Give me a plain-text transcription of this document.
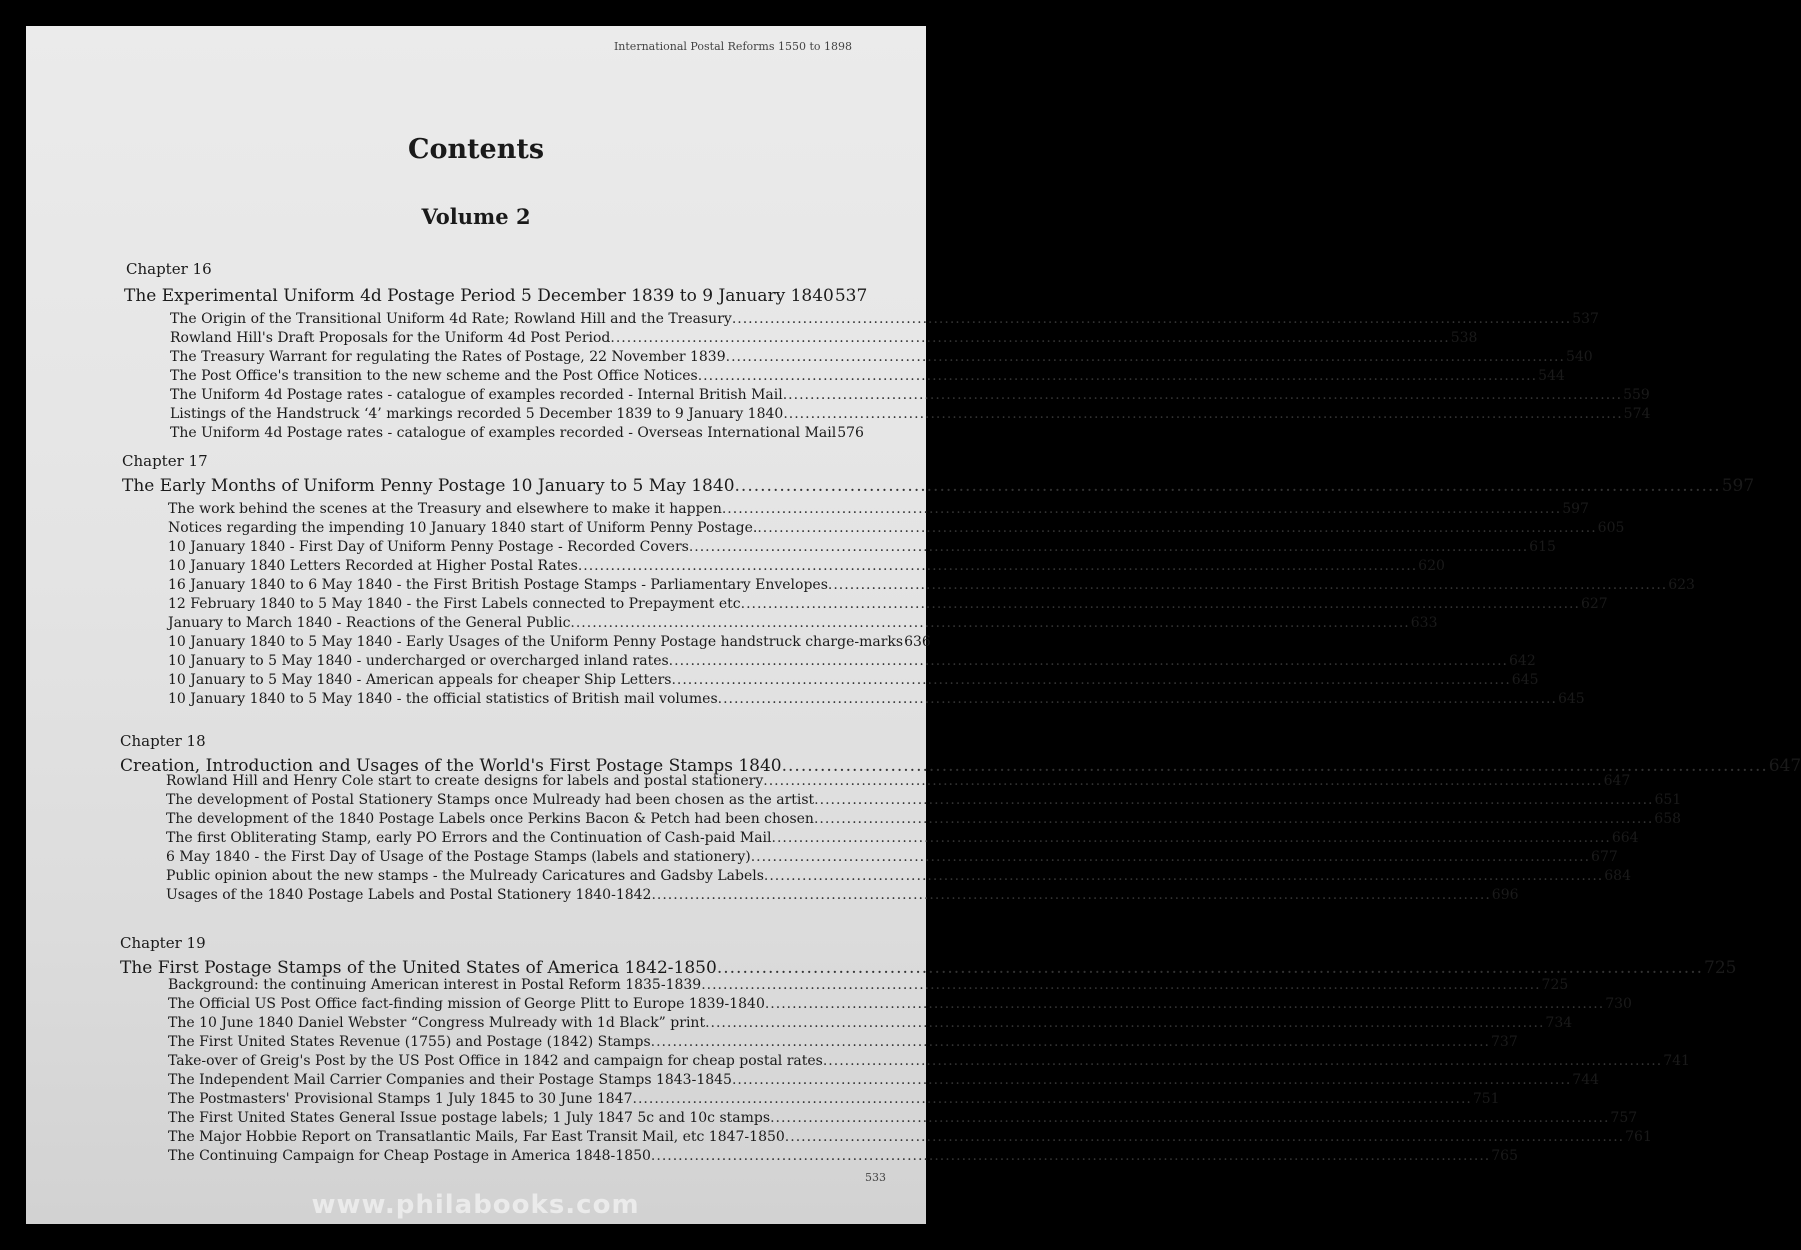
International Postal Reforms 1550 to 1898
Contents
Volume 2
Chapter 16
The Experimental Uniform 4d Postage Period 5 December 1839 to 9 January 1840 537
The Origin of the Transitional Uniform 4d Rate; Rowland Hill and the Treasury .....	537
Rowland Hill's Draft Proposals for the Uniform 4d Post Period .....	538
The Treasury Warrant for regulating the Rates of Postage, 22 November 1839 .....	540
The Post Office's transition to the new scheme and the Post Office Notices .....	544
The Uniform 4d Postage rates - catalogue of examples recorded - Internal British Mail .....	559
Listings of the Handstruck ‘4’ markings recorded 5 December 1839 to 9 January 1840 .....	574
The Uniform 4d Postage rates - catalogue of examples recorded - Overseas International Mail 576
Chapter 17
The Early Months of Uniform Penny Postage 10 January to 5 May 1840 .....	597
The work behind the scenes at the Treasury and elsewhere to make it happen .....	597
Notices regarding the impending 10 January 1840 start of Uniform Penny Postage. .....	605
10 January 1840 - First Day of Uniform Penny Postage - Recorded Covers .....	615
10 January 1840 Letters Recorded at Higher Postal Rates .....	620
16 January 1840 to 6 May 1840 - the First British Postage Stamps - Parliamentary Envelopes .....	623
12 February 1840 to 5 May 1840 - the First Labels connected to Prepayment etc .....	627
January to March 1840 - Reactions of the General Public .....	633
10 January 1840 to 5 May 1840 - Early Usages of the Uniform Penny Postage handstruck charge-marks 636
10 January to 5 May 1840 - undercharged or overcharged inland rates .....	642
10 January to 5 May 1840 - American appeals for cheaper Ship Letters .....	645
10 January 1840 to 5 May 1840 - the official statistics of British mail volumes .....	645
Chapter 18
Creation, Introduction and Usages of the World's First Postage Stamps 1840 .....	647
Rowland Hill and Henry Cole start to create designs for labels and postal stationery .....	647
The development of Postal Stationery Stamps once Mulready had been chosen as the artist .....	651
The development of the 1840 Postage Labels once Perkins Bacon & Petch had been chosen .....	658
The first Obliterating Stamp, early PO Errors and the Continuation of Cash-paid Mail .....	664
6 May 1840 - the First Day of Usage of the Postage Stamps (labels and stationery) .....	677
Public opinion about the new stamps - the Mulready Caricatures and Gadsby Labels .....	684
Usages of the 1840 Postage Labels and Postal Stationery 1840-1842 .....	696
Chapter 19
The First Postage Stamps of the United States of America 1842-1850 .....	725
Background: the continuing American interest in Postal Reform 1835-1839 .....	725
The Official US Post Office fact-finding mission of George Plitt to Europe 1839-1840 .....	730
The 10 June 1840 Daniel Webster “Congress Mulready with 1d Black” print .....	734
The First United States Revenue (1755) and Postage (1842) Stamps .....	737
Take-over of Greig's Post by the US Post Office in 1842 and campaign for cheap postal rates .....	741
The Independent Mail Carrier Companies and their Postage Stamps 1843-1845 .....	744
The Postmasters' Provisional Stamps 1 July 1845 to 30 June 1847 .....	751
The First United States General Issue postage labels; 1 July 1847 5c and 10c stamps .....	757
The Major Hobbie Report on Transatlantic Mails, Far East Transit Mail, etc 1847-1850 .....	761
The Continuing Campaign for Cheap Postage in America 1848-1850 .....	765
533
www.philabooks.com
